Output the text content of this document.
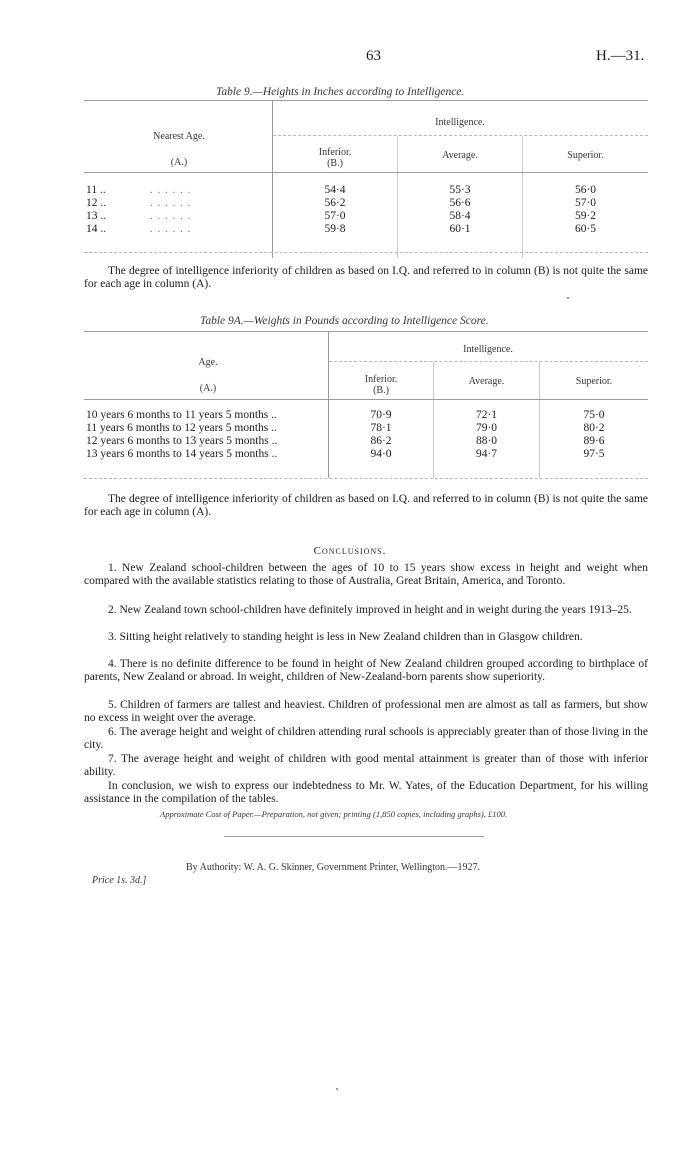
63	H.—31.
Table 9.—Heights in Inches according to Intelligence.
Nearest Age.
(A.)
Intelligence.
Inferior.
(B.)
Average.	Superior.
11 ..	. . . . . .	54·4	55·3	56·0
12 ..	. . . . . .	56·2	56·6	57·0
13 ..	. . . . . .	57·0	58·4	59·2
14 ..	. . . . . .	59·8	60·1	60·5
The degree of intelligence inferiority of children as based on I.Q. and referred to in column (B) is not quite the same for each age in column (A).
Table 9A.—Weights in Pounds according to Intelligence Score.
Age.
(A.)
Intelligence.
Inferior.
(B.)
Average.	Superior.
10 years 6 months to 11 years 5 months ..	70·9	72·1	75·0
11 years 6 months to 12 years 5 months ..	78·1	79·0	80·2
12 years 6 months to 13 years 5 months ..	86·2	88·0	89·6
13 years 6 months to 14 years 5 months ..	94·0	94·7	97·5
The degree of intelligence inferiority of children as based on I.Q. and referred to in column (B) is not quite the same for each age in column (A).
Conclusions.
1. New Zealand school-children between the ages of 10 to 15 years show excess in height and weight when compared with the available statistics relating to those of Australia, Great Britain, America, and Toronto.
2. New Zealand town school-children have definitely improved in height and in weight during the years 1913–25.
3. Sitting height relatively to standing height is less in New Zealand children than in Glasgow children.
4. There is no definite difference to be found in height of New Zealand children grouped according to birthplace of parents, New Zealand or abroad. In weight, children of New-Zealand-born parents show superiority.
5. Children of farmers are tallest and heaviest. Children of professional men are almost as tall as farmers, but show no excess in weight over the average.
6. The average height and weight of children attending rural schools is appreciably greater than of those living in the city.
7. The average height and weight of children with good mental attainment is greater than of those with inferior ability.
In conclusion, we wish to express our indebtedness to Mr. W. Yates, of the Education Department, for his willing assistance in the compilation of the tables.
Approximate Cost of Paper.—Preparation, not given; printing (1,850 copies, including graphs), £100.
By Authority: W. A. G. Skinner, Government Printer, Wellington.—1927.
Price 1s. 3d.]
